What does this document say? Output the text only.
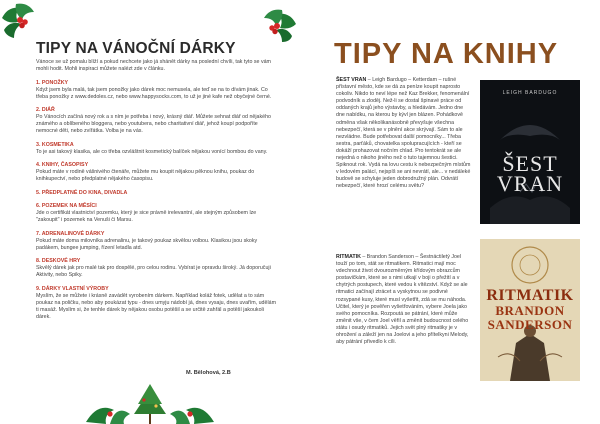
TIPY NA VÁNOČNÍ DÁRKY

Vánoce se už pomalu blíží a pokud nechcete jako já shánět dárky na poslední chvíli, tak tyto se vám mohli hodit. Mohli inspiraci můžete nalézt zde v článku.

1. PONOŽKY

Když jsem byla malá, tak jsem ponožky jako dárek moc nemusela, ale teď se na to dívám jinak. Co třeba ponožky z www.dedoles.cz, nebo www.happysocks.com, to už je jiné kafe než obyčejné černé.

2. DIÁŘ

Po Vánocích začíná nový rok a s ním je potřeba i nový, krásný diář. Můžete sehnat diář od nějakého známého a oblíbeného bloggera, nebo youtubera, nebo charitativní diář, jehož koupí podpoříte nemocné děti, nebo zvířátka. Volba je na vás.

3. KOSMETIKA

To je asi takový klasika, ale co třeba ozvláštnit kosmetický balíček nějakou vonící bombou do vany.

4. KNIHY, ČASOPISY

Pokud máte v rodině vášnivého čtenáře, můžete mu koupit nějakou pěknou knihu, poukaz do knihkupectví, nebo předplatné nějakého časopisu.

5. PŘEDPLATNÉ DO KINA, DIVADLA

6. POZEMEK NA MĚSÍCI

Jde o certifikát vlastnictví pozemku, který je sice právně irelevantní, ale stejným způsobem lze "zakoupit" i pozemek na Venuši či Marsu.

7. ADRENALINOVÉ DÁRKY

Pokud máte doma milovníka adrenalinu, je takový poukaz skvělou volbou. Klasikou jsou skoky padákem, bungee jumping, řízení letadla atd.

8. DESKOVÉ HRY

Skvělý dárek jak pro malé tak pro dospělé, pro celou rodinu. Vybírat je opravdu široký. Já doporučuji Aktivity, nebo Spiky.

9. DÁRKY VLASTNÍ VÝROBY

Myslím, že se můžete i krásně zavádět vyrobením dárkem. Například koláž fotek, udělat a to sám poukaz na poličku, nebo aby poukázat typu - dnes umyju nádobí já, dnes vysaju, dnes uvařím, udělám ti masáž. Myslím si, že tenhle dárek by nějakou osobu potěšil a se určitě zahřál a potěší jakoukoli dárek.

M. Bělohová, 2.B
TIPY NA KNIHY
ŠEST VRAN – Leigh Bardugo – Ketterdam – rušné přístavní město, kde se dá za peníze koupit naprosto cokoliv. Nikdo to neví lépe než Kaz Brekker, fenomenální podvodník a zloděj. Než-li se dostal špinavé práce od oddaných krajů jeho výstavby, a hledávám. Jedno dne dne nabídku, na kterou by kývl jen blázen. Pohádkově odměna však několikanásobně převyšuje všechna nebezpečí, která se v plnění akce skrývají. Sám to ale nezvládne. Bude potřebovat další pomocníky... Třeba sestra, parťáků, chovatelka spolupracujících - kteří se dokáží prohazovat nočním chlad. Pro tentokrát se ale nejedná o nikoho jiného než o tuto tajemnou šestici. Spiknout rok. Vydá na lovu cestu k nebezpečným místům v ledovém palácí, nejspíš se ani nevrátí, ale... v nedáleké budově se schyluje jeden dobrodružný plán. Odvrátí nebezpečí, které hrozí celému světu?
LEIGH BARDUGO
ŠEST
VRAN
RITMATIK – Brandon Sanderson – Šestnáctiletý Joel touží po tom, stát se ritmatikem. Ritmatici mají moc vdechnout život dvourozměrným křídovým obrazcům postavičkám, které se s nimi utkají v boji o přežití a v chytrých postupech, které vedou k vítězství. Když se ale ritmatici začínají ztrácet a vyskytnou se podivné rozsypané kusy, které musí vyšetřit, zdá se mu náhoda. Učitel, který je pověřen vyšetřováním, vybere Joela jako svého pomocníka. Rozpoutá se pátrání, které může změnit vše, v čem Joel věřil a změnit budoucnost celého státu i osudy ritmatiků. Jejich svět plný ritmatiky je v ohrožení a záleží jen na Joelovi a jeho přítelkyni Melody, aby pátrání přivedlo k cíli.
RITMATIK
BRANDON
SANDERSON
